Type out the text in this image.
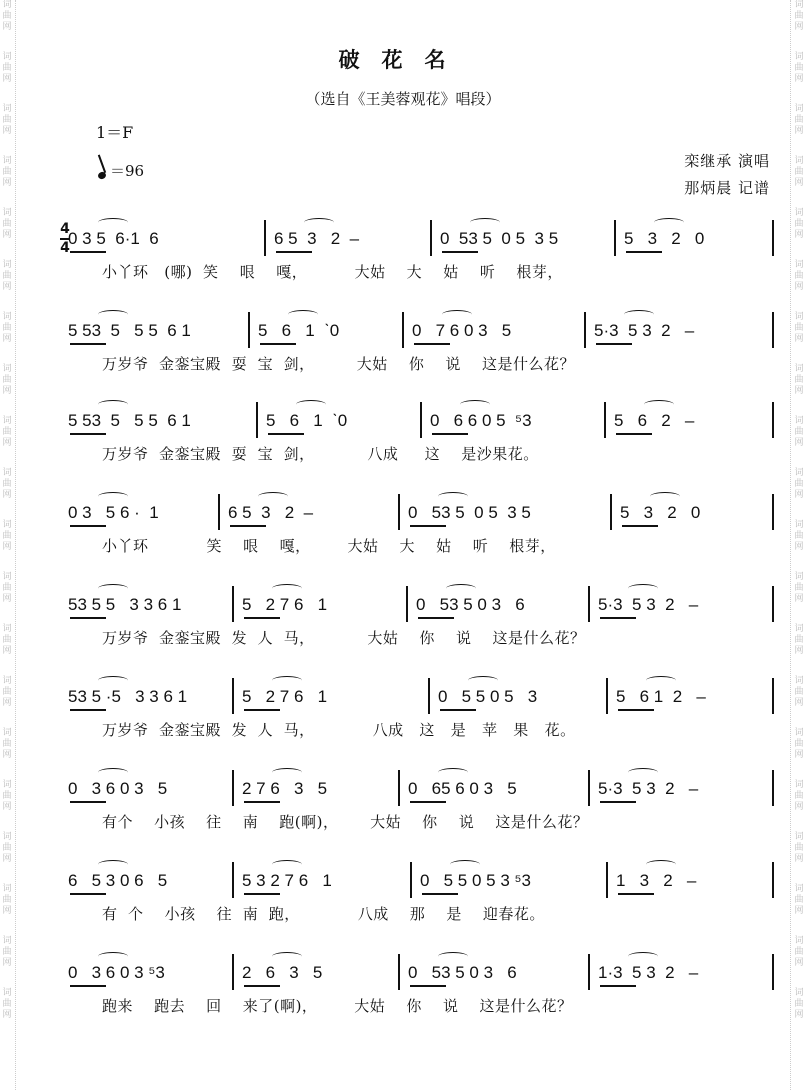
词曲网
词曲网
词曲网
词曲网
词曲网
词曲网
词曲网
词曲网
词曲网
词曲网
词曲网
词曲网
词曲网
词曲网
词曲网
词曲网
词曲网
词曲网
词曲网
词曲网
词曲网
词曲网
词曲网
词曲网
词曲网
词曲网
词曲网
词曲网
词曲网
词曲网
词曲网
词曲网
词曲网
词曲网
词曲网
词曲网
词曲网
词曲网
词曲网
词曲网
破花名
（选自《王美蓉观花》唱段）
1＝F
＝96
栾继承 演唱
那炳晨 记谱
4
4
0 3 5  6·1  6	6 5  3   2  –	0  53 5  0 5  3 5	5   3   2   0
小丫环   (哪)  笑    哏    嘎，         大姑    大    姑    听    根芽，
5 53  5   5 5  6 1	5   6   1  ˋ0	0   7 6 0 3   5	5·3  5 3  2   –
万岁爷  金銮宝殿  耍  宝  剑，        大姑    你    说    这是什么花？
5 53  5   5 5  6 1	5   6   1  ˋ0	0   6 6 0 5  ⁵3	5   6   2   –
万岁爷  金銮宝殿  耍  宝  剑，          八成     这    是沙果花。
0 3   5 6 ·  1	6 5  3   2  –	0   53 5  0 5  3 5	5   3   2   0
小丫环           笑    哏    嘎，       大姑    大    姑    听    根芽，
53 5 5   3 3 6 1	5   2 7 6   1	0   53 5 0 3   6	5·3  5 3  2   –
万岁爷  金銮宝殿  发  人  马，          大姑    你    说    这是什么花？
53 5 ·5   3 3 6 1	5   2 7 6   1	0   5 5 0 5   3	5   6 1  2   –
万岁爷  金銮宝殿  发  人  马，           八成   这   是   苹   果   花。
0   3 6 0 3   5	2 7 6   3   5	0   65 6 0 3   5	5·3  5 3  2   –
有个    小孩    往    南    跑(啊)，      大姑    你    说    这是什么花？
6   5 3 0 6   5	5 3 2 7 6   1	0   5 5 0 5 3 ⁵3	1   3   2   –
有  个    小孩    往  南  跑，           八成    那    是    迎春花。
0   3 6 0 3 ⁵3	2   6   3   5	0   53 5 0 3   6	1·3  5 3  2   –
跑来    跑去    回    来了(啊)，       大姑    你    说    这是什么花？
